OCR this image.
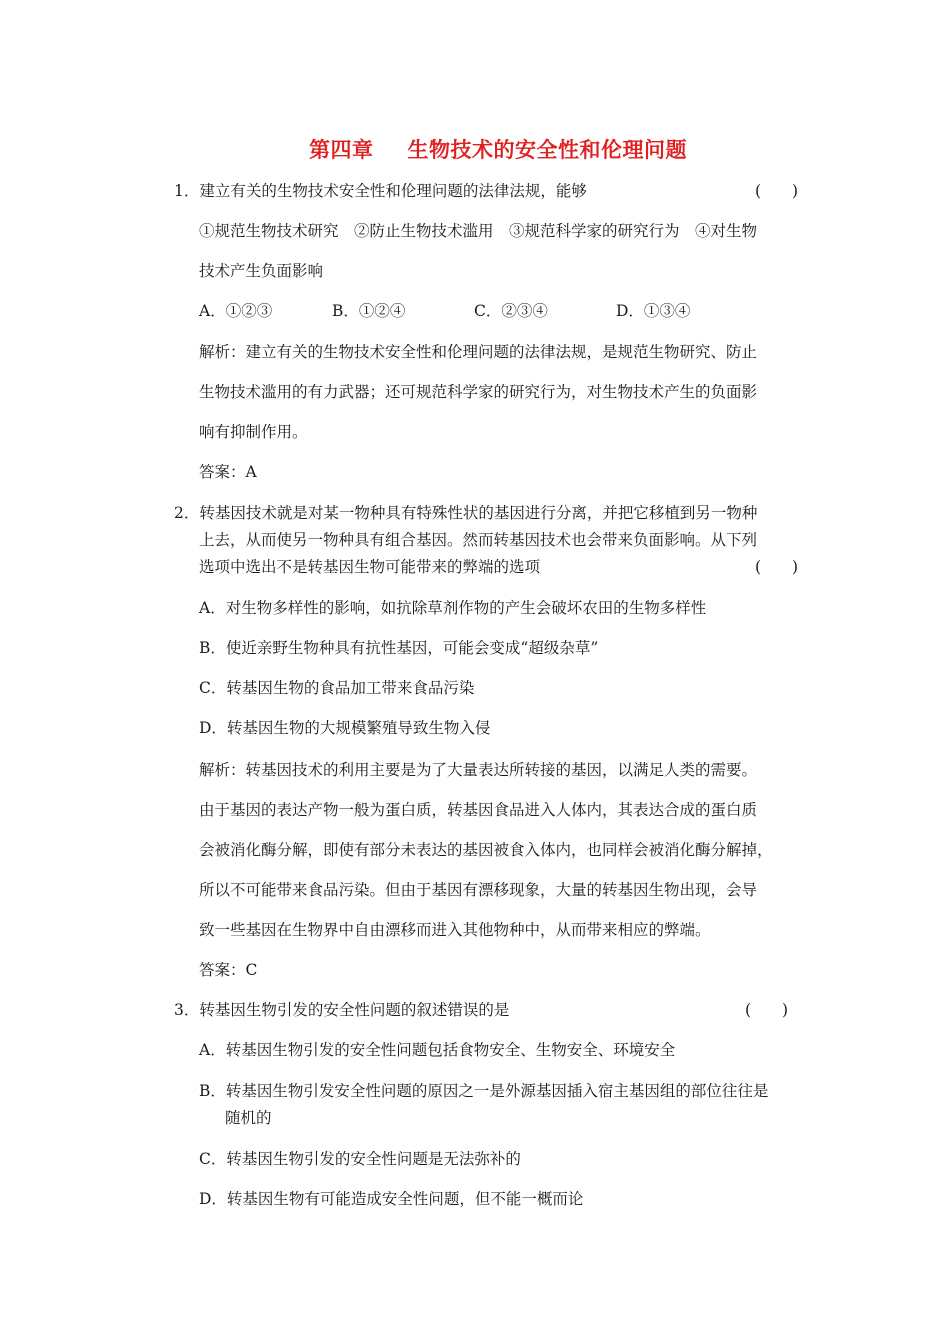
第四章 生物技术的安全性和伦理问题
1．建立有关的生物技术安全性和伦理问题的法律法规，能够	(　　)
①规范生物技术研究　②防止生物技术滥用　③规范科学家的研究行为　④对生物
技术产生负面影响
A．①②③	B．①②④	C．②③④	D．①③④
解析：建立有关的生物技术安全性和伦理问题的法律法规，是规范生物研究、防止
生物技术滥用的有力武器；还可规范科学家的研究行为，对生物技术产生的负面影
响有抑制作用。
答案：A
2．转基因技术就是对某一物种具有特殊性状的基因进行分离，并把它移植到另一物种
上去，从而使另一物种具有组合基因。然而转基因技术也会带来负面影响。从下列
选项中选出不是转基因生物可能带来的弊端的选项	(　　)
A．对生物多样性的影响，如抗除草剂作物的产生会破坏农田的生物多样性
B．使近亲野生物种具有抗性基因，可能会变成“超级杂草”
C．转基因生物的食品加工带来食品污染
D．转基因生物的大规模繁殖导致生物入侵
解析：转基因技术的利用主要是为了大量表达所转接的基因，以满足人类的需要。
由于基因的表达产物一般为蛋白质，转基因食品进入人体内，其表达合成的蛋白质
会被消化酶分解，即使有部分未表达的基因被食入体内，也同样会被消化酶分解掉，
所以不可能带来食品污染。但由于基因有漂移现象，大量的转基因生物出现，会导
致一些基因在生物界中自由漂移而进入其他物种中，从而带来相应的弊端。
答案：C
3．转基因生物引发的安全性问题的叙述错误的是	(　　)
A．转基因生物引发的安全性问题包括食物安全、生物安全、环境安全
B．转基因生物引发安全性问题的原因之一是外源基因插入宿主基因组的部位往往是
随机的
C．转基因生物引发的安全性问题是无法弥补的
D．转基因生物有可能造成安全性问题，但不能一概而论
